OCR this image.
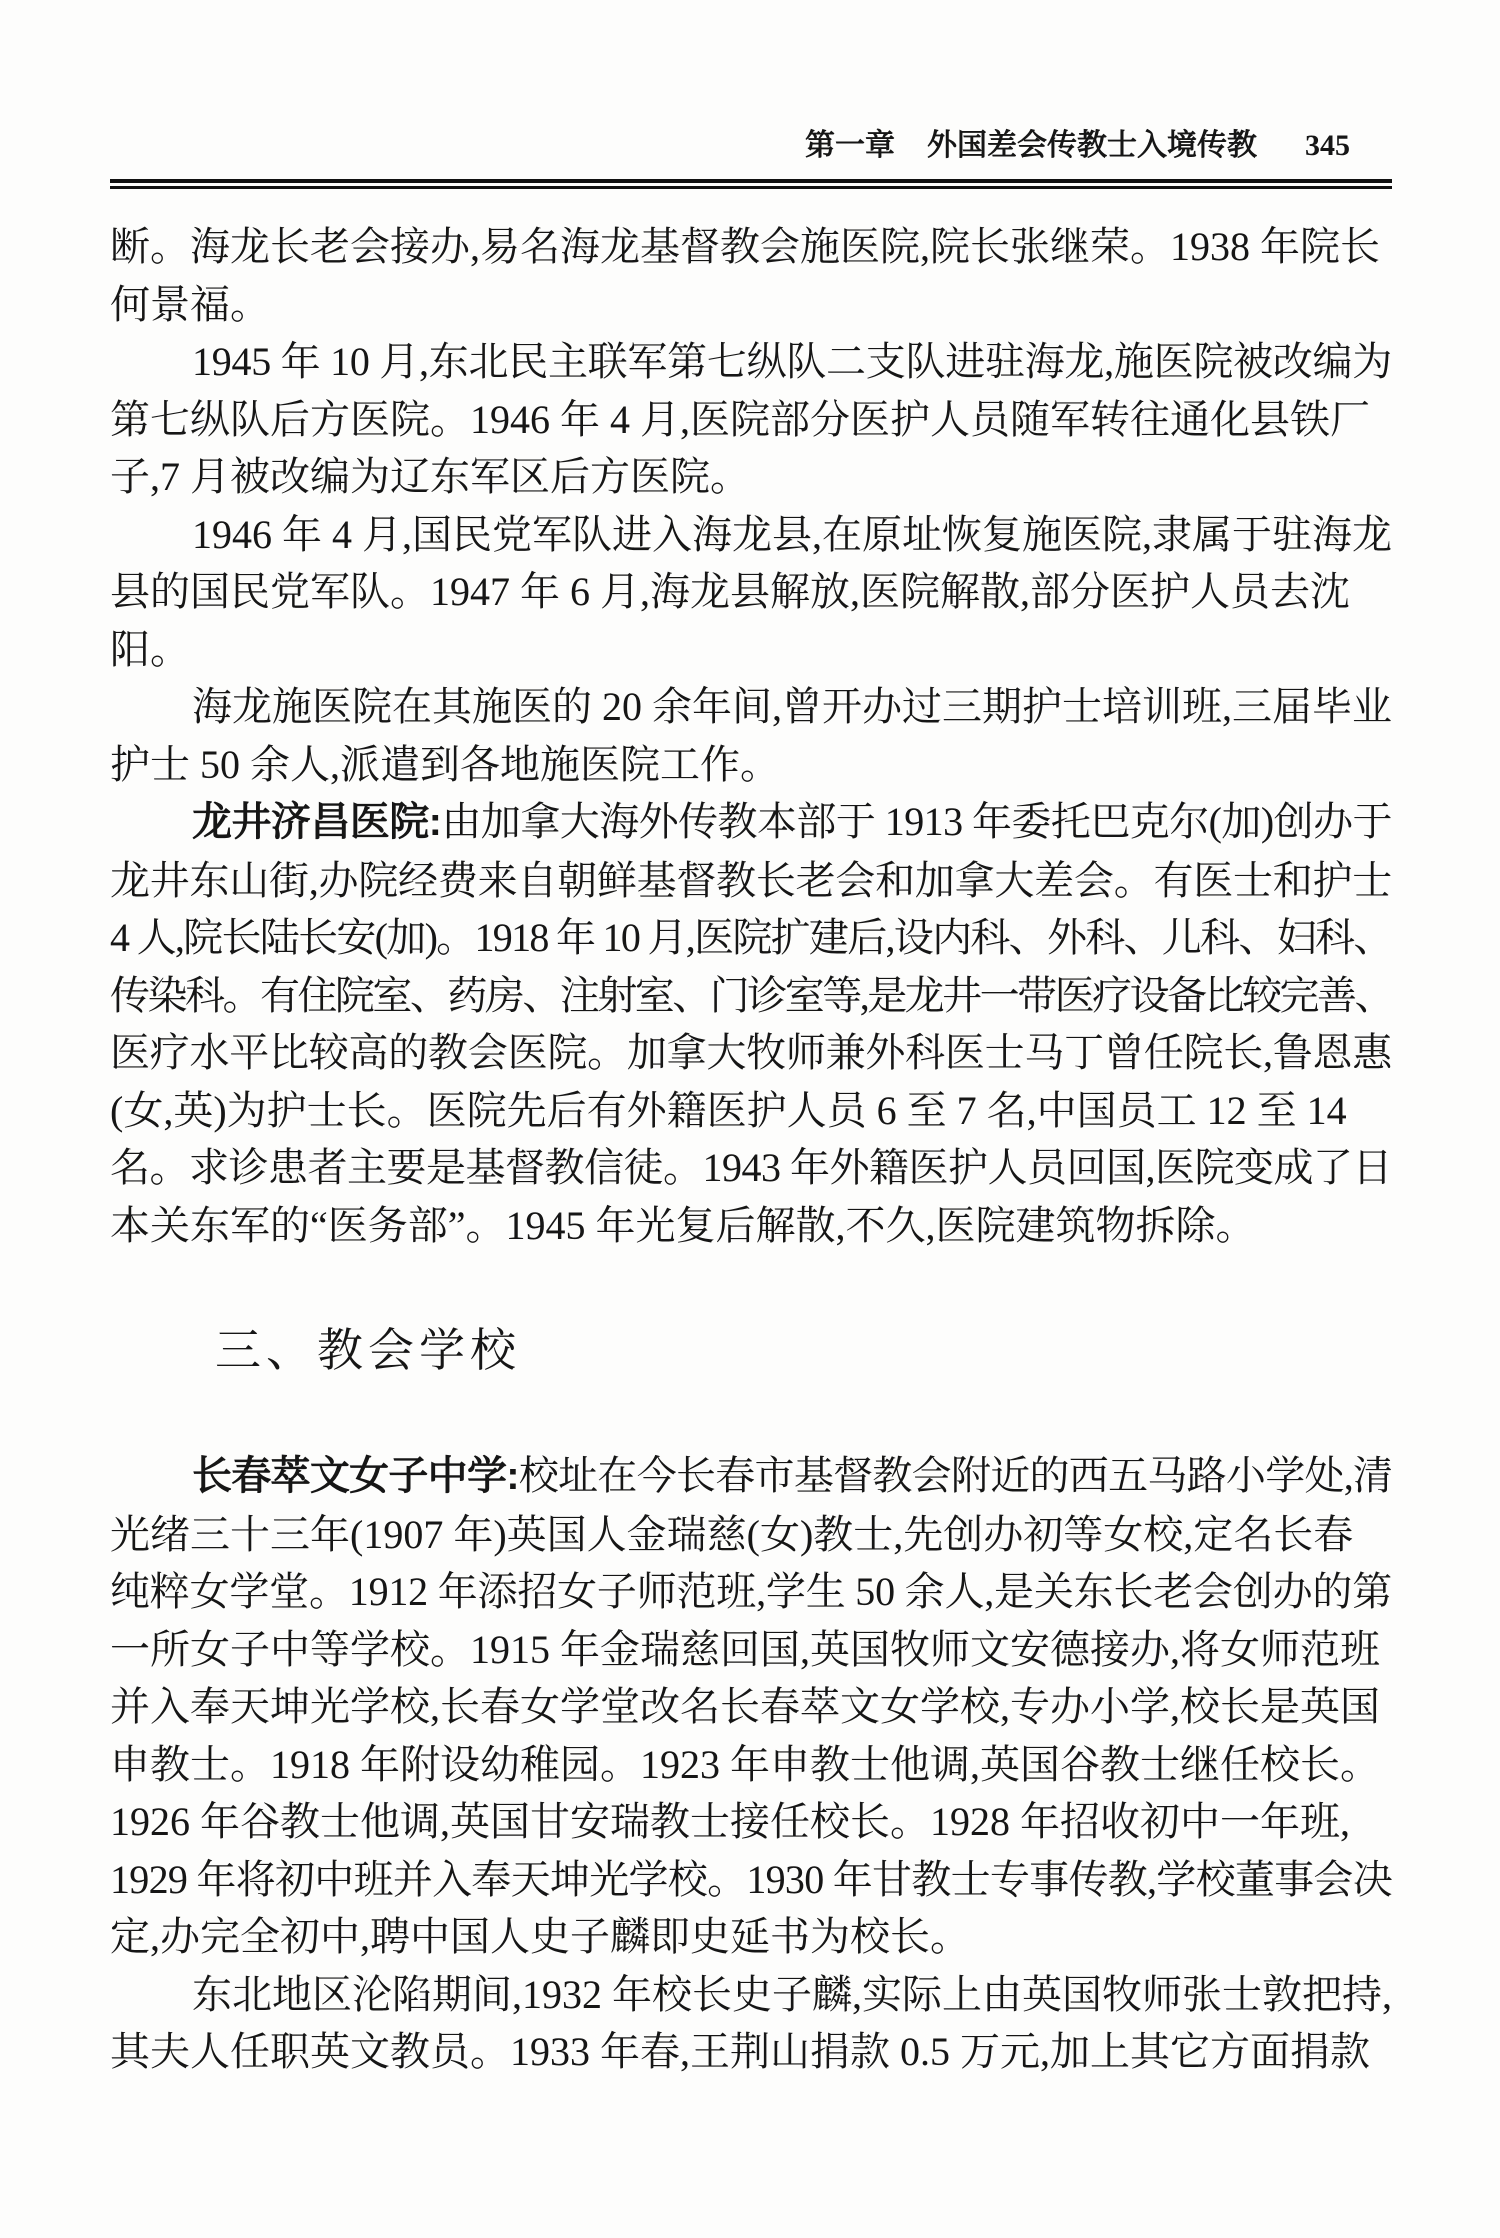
第一章 外国差会传教士入境传教 345
断。海龙长老会接办,易名海龙基督教会施医院,院长张继荣。1938 年院长
何景福。
1945 年 10 月,东北民主联军第七纵队二支队进驻海龙,施医院被改编为
第七纵队后方医院。1946 年 4 月,医院部分医护人员随军转往通化县铁厂
子,7 月被改编为辽东军区后方医院。
1946 年 4 月,国民党军队进入海龙县,在原址恢复施医院,隶属于驻海龙
县的国民党军队。1947 年 6 月,海龙县解放,医院解散,部分医护人员去沈
阳。
海龙施医院在其施医的 20 余年间,曾开办过三期护士培训班,三届毕业
护士 50 余人,派遣到各地施医院工作。
龙井济昌医院:由加拿大海外传教本部于 1913 年委托巴克尔(加)创办于
龙井东山街,办院经费来自朝鲜基督教长老会和加拿大差会。有医士和护士
4 人,院长陆长安(加)。1918 年 10 月,医院扩建后,设内科、外科、儿科、妇科、
传染科。有住院室、药房、注射室、门诊室等,是龙井一带医疗设备比较完善、
医疗水平比较高的教会医院。加拿大牧师兼外科医士马丁曾任院长,鲁恩惠
(女,英)为护士长。医院先后有外籍医护人员 6 至 7 名,中国员工 12 至 14
名。求诊患者主要是基督教信徒。1943 年外籍医护人员回国,医院变成了日
本关东军的“医务部”。1945 年光复后解散,不久,医院建筑物拆除。
三、教会学校
长春萃文女子中学:校址在今长春市基督教会附近的西五马路小学处,清
光绪三十三年(1907 年)英国人金瑞慈(女)教士,先创办初等女校,定名长春
纯粹女学堂。1912 年添招女子师范班,学生 50 余人,是关东长老会创办的第
一所女子中等学校。1915 年金瑞慈回国,英国牧师文安德接办,将女师范班
并入奉天坤光学校,长春女学堂改名长春萃文女学校,专办小学,校长是英国
申教士。1918 年附设幼稚园。1923 年申教士他调,英国谷教士继任校长。
1926 年谷教士他调,英国甘安瑞教士接任校长。1928 年招收初中一年班,
1929 年将初中班并入奉天坤光学校。1930 年甘教士专事传教,学校董事会决
定,办完全初中,聘中国人史子麟即史延书为校长。
东北地区沦陷期间,1932 年校长史子麟,实际上由英国牧师张士敦把持,
其夫人任职英文教员。1933 年春,王荆山捐款 0.5 万元,加上其它方面捐款
